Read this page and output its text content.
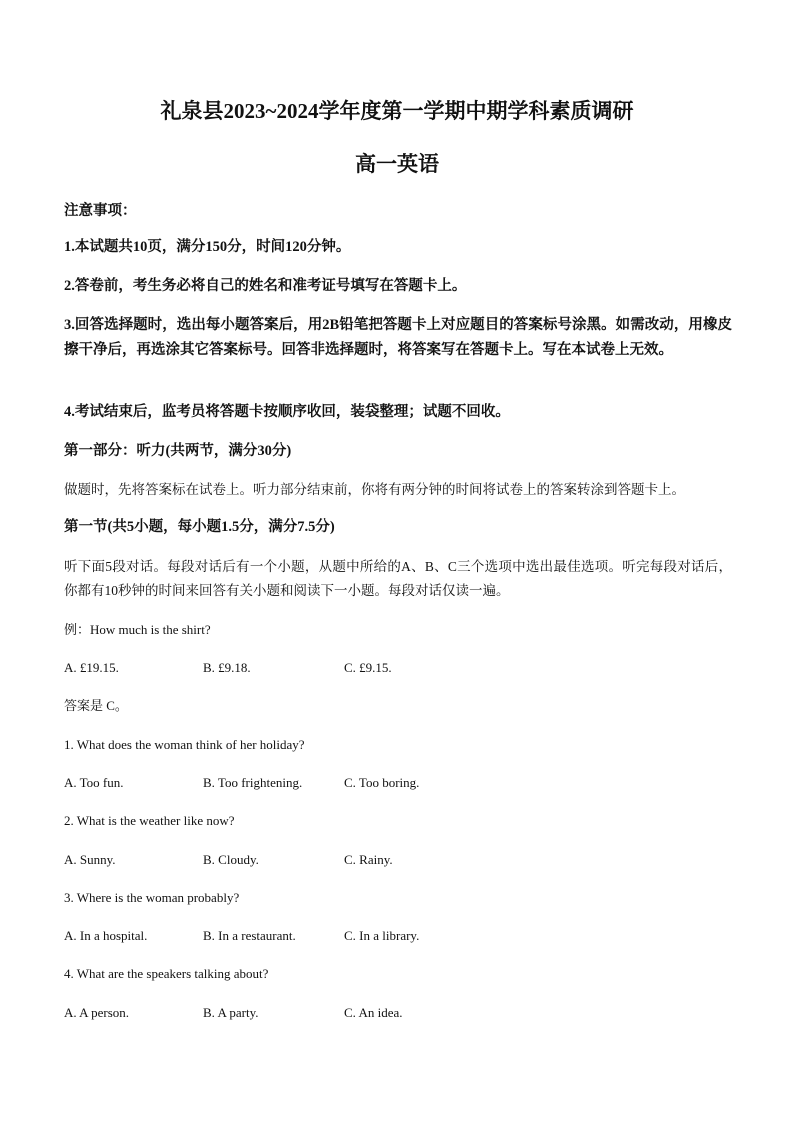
礼泉县2023~2024学年度第一学期中期学科素质调研
高一英语
注意事项：
1.本试题共10页，满分150分，时间120分钟。
2.答卷前，考生务必将自己的姓名和准考证号填写在答题卡上。
3.回答选择题时，选出每小题答案后，用2B铅笔把答题卡上对应题目的答案标号涂黑。如需改动，用橡皮擦干净后，再选涂其它答案标号。回答非选择题时，将答案写在答题卡上。写在本试卷上无效。
4.考试结束后，监考员将答题卡按顺序收回，装袋整理；试题不回收。
第一部分：听力(共两节，满分30分)
做题时，先将答案标在试卷上。听力部分结束前，你将有两分钟的时间将试卷上的答案转涂到答题卡上。
第一节(共5小题，每小题1.5分，满分7.5分)
听下面5段对话。每段对话后有一个小题，从题中所给的A、B、C三个选项中选出最佳选项。听完每段对话后，你都有10秒钟的时间来回答有关小题和阅读下一小题。每段对话仅读一遍。
例：How much is the shirt?
A. £19.15.	B. £9.18.	C. £9.15.
答案是 C。
1. What does the woman think of her holiday?
A. Too fun.	B. Too frightening.	C. Too boring.
2. What is the weather like now?
A. Sunny.	B. Cloudy.	C. Rainy.
3. Where is the woman probably?
A. In a hospital.	B. In a restaurant.	C. In a library.
4. What are the speakers talking about?
A. A person.	B. A party.	C. An idea.
